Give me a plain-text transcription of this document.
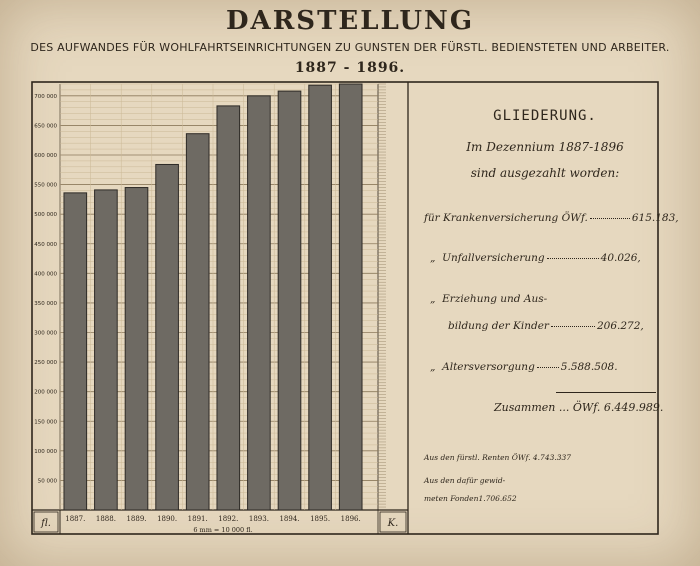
DARSTELLUNG
DES AUFWANDES FÜR WOHLFAHRTSEINRICHTUNGEN ZU GUNSTEN DER FÜRSTL. BEDIENSTETEN UND ARBEITER.
1887 - 1896.
50 000
100 000
150 000
200 000
250 000
300 000
350 000
400 000
450 000
500 000
550 000
600 000
650 000
700 000
1887. 1888. 1889. 1890. 1891. 1892. 1893. 1894. 1895. 1896.
6 mm = 10 000 fl.
fl.	K.
GLIEDERUNG.
Im Dezennium 1887-1896
sind ausgezahlt worden:
für Krankenversicherung ÖWf.	615.183,
„ Unfallversicherung	40.026,
„ Erziehung und Aus-
bildung der Kinder	206.272,
„ Altersversorgung 5.588.508.
Zusammen ... ÖWf. 6.449.989.
Aus den fürstl. Renten ÖWf. 4.743.337
Aus den dafür gewid-
meten Fonden1.706.652
